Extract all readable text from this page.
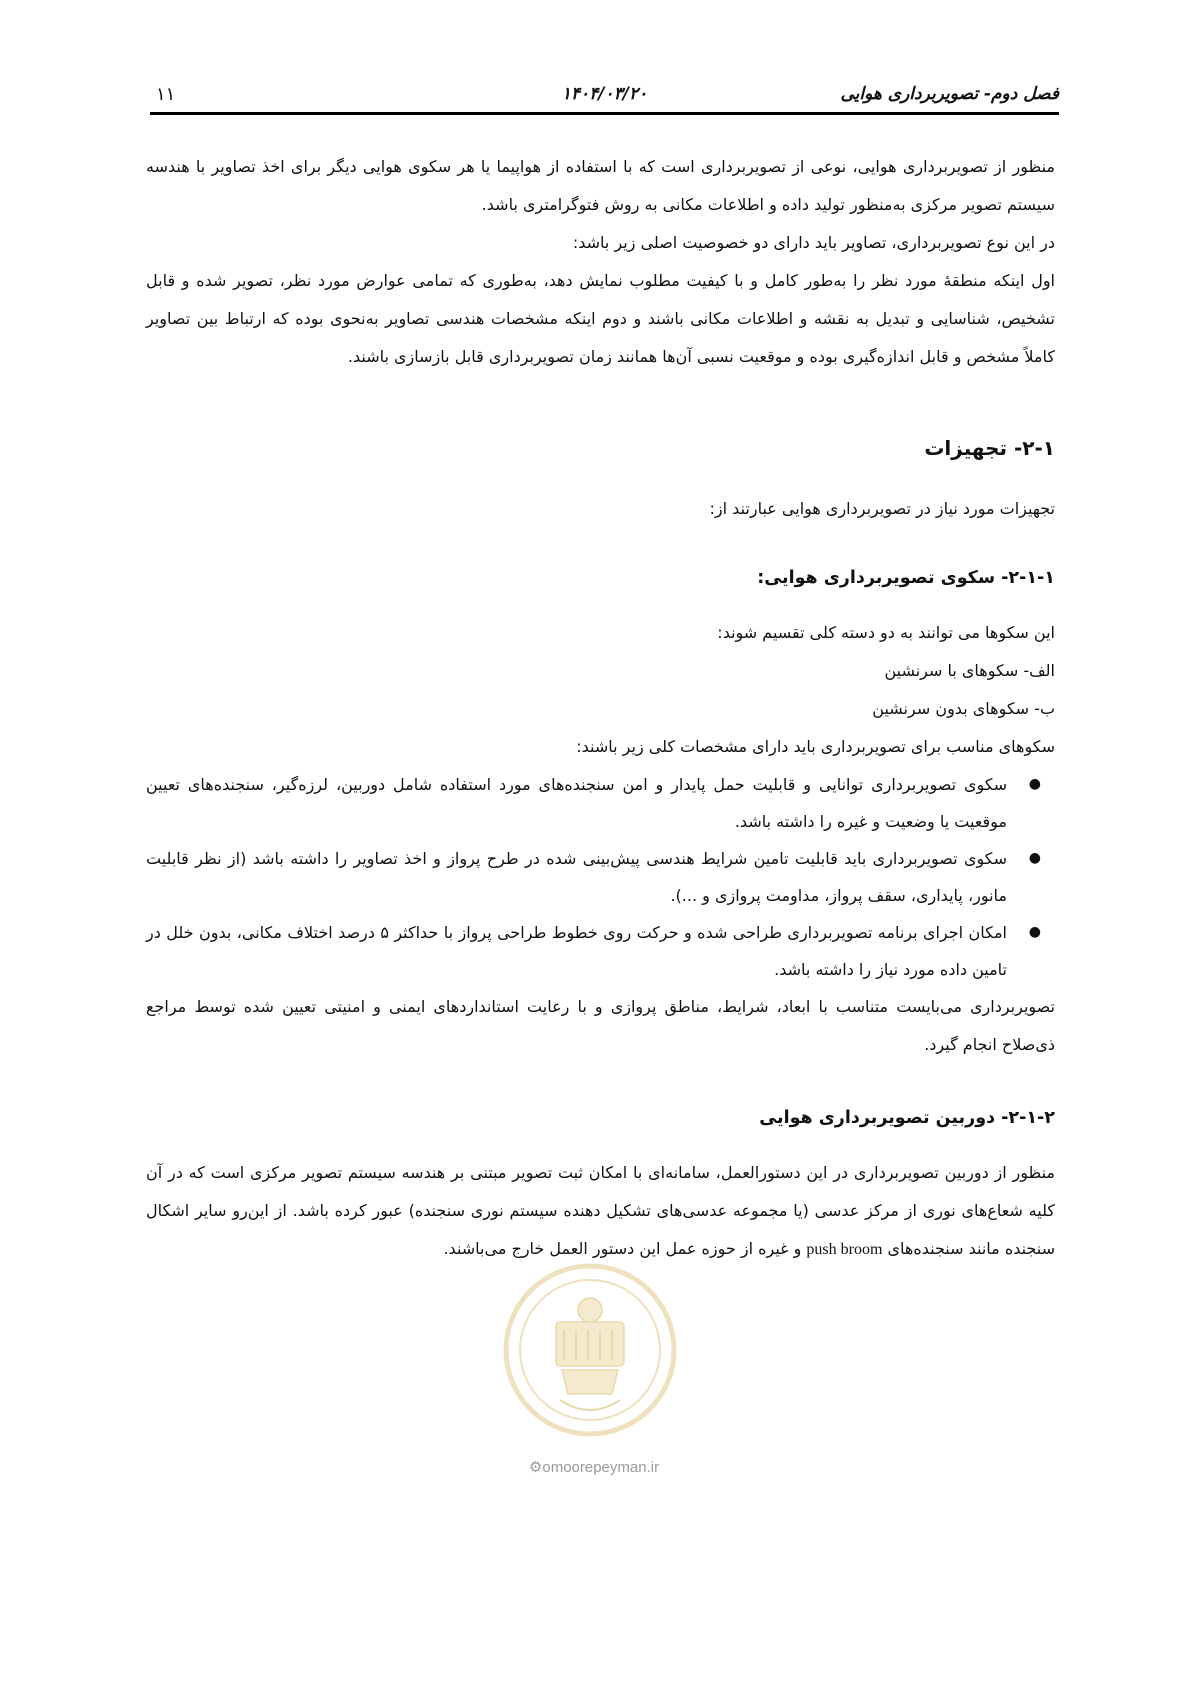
فصل دوم- تصویربرداری هوایی
۱۴۰۴/۰۳/۲۰
۱۱

منظور از تصویربرداری هوایی، نوعی از تصویربرداری است که با استفاده از هواپیما یا هر سکوی هوایی دیگر برای اخذ تصاویر با هندسه سیستم تصویر مرکزی به‌منظور تولید داده و اطلاعات مکانی به روش فتوگرامتری باشد.

در این نوع تصویربرداری، تصاویر باید دارای دو خصوصیت اصلی زیر باشد:

اول اینکه منطقهٔ مورد نظر را به‌طور کامل و با کیفیت مطلوب نمایش دهد، به‌طوری که تمامی عوارض مورد نظر، تصویر شده و قابل تشخیص، شناسایی و تبدیل به نقشه و اطلاعات مکانی باشند و دوم اینکه مشخصات هندسی تصاویر به‌نحوی بوده که ارتباط بین تصاویر کاملاً مشخص و قابل اندازه‌گیری بوده و موقعیت نسبی آن‌ها همانند زمان تصویربرداری قابل بازسازی باشند.

۲-۱- تجهیزات

تجهیزات مورد نیاز در تصویربرداری هوایی عبارتند از:

۲-۱-۱- سکوی تصویربرداری هوایی:

این سکوها می توانند به دو دسته کلی تقسیم شوند:

الف- سکوهای با سرنشین

ب- سکوهای بدون سرنشین

سکوهای مناسب برای تصویربرداری باید دارای مشخصات کلی زیر باشند:

●
سکوی تصویربرداری توانایی و قابلیت حمل پایدار و امن سنجنده‌های مورد استفاده شامل دوربین، لرزه‌گیر، سنجنده‌های تعیین موقعیت یا وضعیت و غیره را داشته باشد.
●
سکوی تصویربرداری باید قابلیت تامین شرایط هندسی پیش‌بینی شده در طرح پرواز و اخذ تصاویر را داشته باشد (از نظر قابلیت مانور، پایداری، سقف پرواز، مداومت پروازی و ...).
●
امکان اجرای برنامه تصویربرداری طراحی شده و حرکت روی خطوط طراحی پرواز با حداکثر ۵ درصد اختلاف مکانی، بدون خلل در تامین داده مورد نیاز را داشته باشد.

تصویربرداری می‌بایست متناسب با ابعاد، شرایط، مناطق پروازی و با رعایت استانداردهای ایمنی و امنیتی تعیین شده توسط مراجع ذی‌صلاح انجام گیرد.

۲-۱-۲- دوربین تصویربرداری هوایی

منظور از دوربین تصویربرداری در این دستورالعمل، سامانه‌ای با امکان ثبت تصویر مبتنی بر هندسه سیستم تصویر مرکزی است که در آن کلیه شعاع‌های نوری از مرکز عدسی (یا مجموعه عدسی‌های تشکیل دهنده سیستم نوری سنجنده) عبور کرده باشد. از این‌رو سایر اشکال سنجنده مانند سنجنده‌های push broom و غیره از حوزه عمل این دستور العمل خارج می‌باشند.

⚙omoorepeyman.ir
